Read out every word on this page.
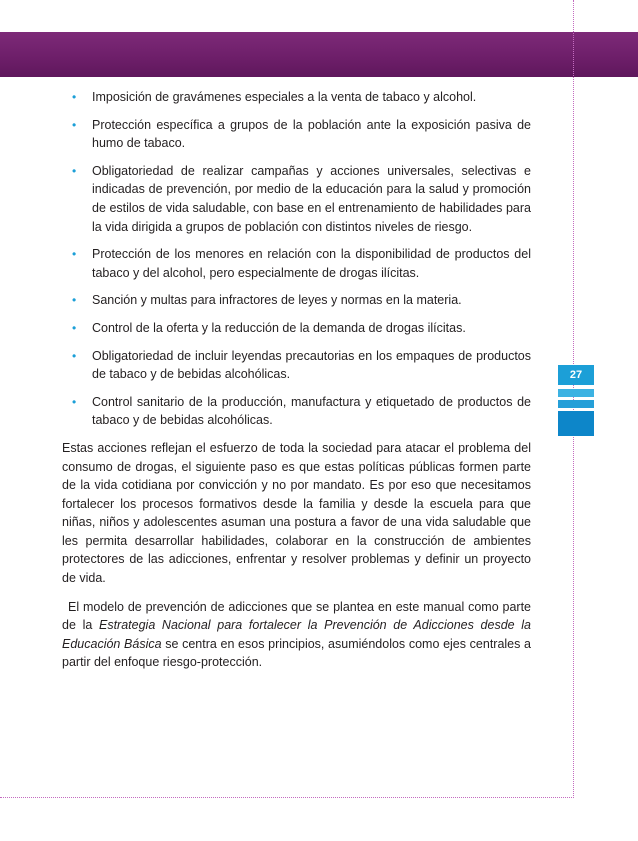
27
• Imposición de gravámenes especiales a la venta de tabaco y alcohol.
• Protección específica a grupos de la población ante la exposición pasiva de humo de tabaco.
• Obligatoriedad de realizar campañas y acciones universales, selectivas e indicadas de prevención, por medio de la educación para la salud y promoción de estilos de vida saludable, con base en el entrenamiento de habilidades para la vida dirigida a grupos de población con distintos niveles de riesgo.
• Protección de los menores en relación con la disponibilidad de productos del tabaco y del alcohol, pero especialmente de drogas ilícitas.
• Sanción y multas para infractores de leyes y normas en la materia.
• Control de la oferta y la reducción de la demanda de drogas ilícitas.
• Obligatoriedad de incluir leyendas precautorias en los empaques de productos de tabaco y de bebidas alcohólicas.
• Control sanitario de la producción, manufactura y etiquetado de productos de tabaco y de bebidas alcohólicas.

Estas acciones reflejan el esfuerzo de toda la sociedad para atacar el problema del consumo de drogas, el siguiente paso es que estas políticas públicas formen parte de la vida cotidiana por convicción y no por mandato. Es por eso que necesitamos fortalecer los procesos formativos desde la familia y desde la escuela para que niñas, niños y adolescentes asuman una postura a favor de una vida saludable que les permita desarrollar habilidades, colaborar en la construcción de ambientes protectores de las adicciones, enfrentar y resolver problemas y definir un proyecto de vida.

El modelo de prevención de adicciones que se plantea en este manual como parte de la Estrategia Nacional para fortalecer la Prevención de Adicciones desde la Educación Básica se centra en esos principios, asumiéndolos como ejes centrales a partir del enfoque riesgo-protección.
